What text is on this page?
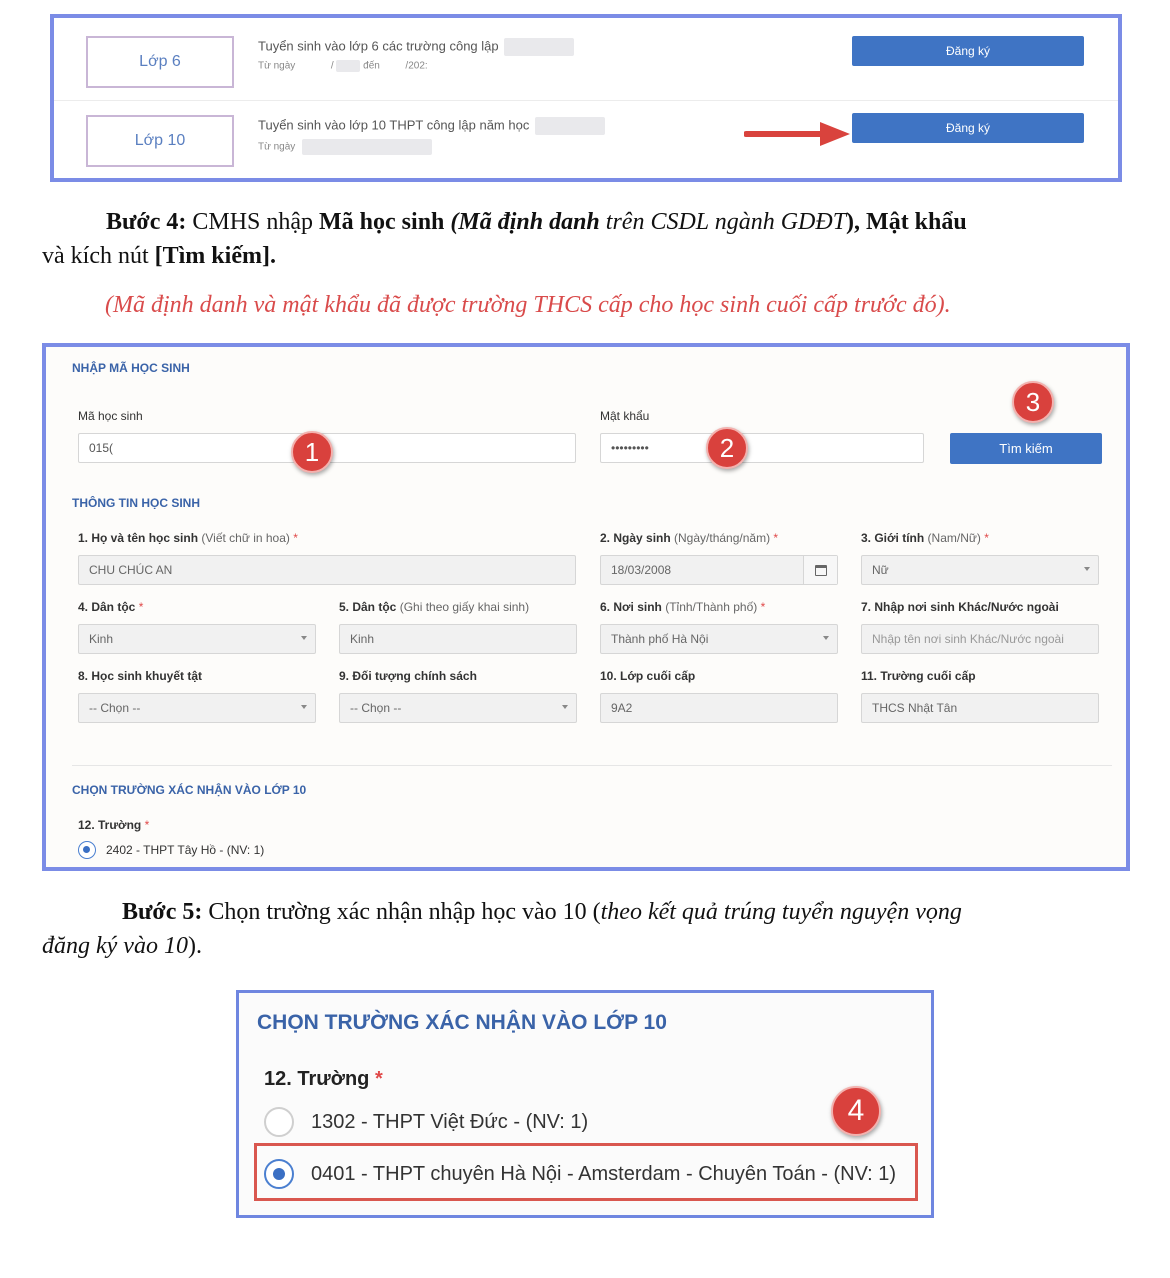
Lớp 6
Tuyển sinh vào lớp 6 các trường công lập
Từ ngày	/	đến	/202:
Đăng ký
Lớp 10
Tuyển sinh vào lớp 10 THPT công lập năm học
Từ ngày
Đăng ký
Bước 4: CMHS nhập Mã học sinh (Mã định danh trên CSDL ngành GDĐT), Mật khẩu
và kích nút [Tìm kiếm].
(Mã định danh và mật khẩu đã được trường THCS cấp cho học sinh cuối cấp trước đó).
NHẬP MÃ HỌC SINH
Mã học sinh
015(
Mật khẩu
•••••••••	Tìm kiếm
1	2
3
THÔNG TIN HỌC SINH
1. Họ và tên học sinh (Viết chữ in hoa) *
CHU CHÚC AN
2. Ngày sinh (Ngày/tháng/năm) *
18/03/2008
3. Giới tính (Nam/Nữ) *
Nữ
4. Dân tộc *
Kinh
5. Dân tộc (Ghi theo giấy khai sinh)
Kinh
6. Nơi sinh (Tỉnh/Thành phố) *
Thành phố Hà Nội
7. Nhập nơi sinh Khác/Nước ngoài
Nhập tên nơi sinh Khác/Nước ngoài
8. Học sinh khuyết tật
-- Chọn --
9. Đối tượng chính sách
-- Chọn --
10. Lớp cuối cấp
9A2
11. Trường cuối cấp
THCS Nhật Tân
CHỌN TRƯỜNG XÁC NHẬN VÀO LỚP 10
12. Trường *
2402 - THPT Tây Hồ - (NV: 1)
Bước 5: Chọn trường xác nhận nhập học vào 10 (theo kết quả trúng tuyển nguyện vọng
đăng ký vào 10).
CHỌN TRƯỜNG XÁC NHẬN VÀO LỚP 10
12. Trường *
1302 - THPT Việt Đức - (NV: 1)
0401 - THPT chuyên Hà Nội - Amsterdam - Chuyên Toán - (NV: 1)
4
